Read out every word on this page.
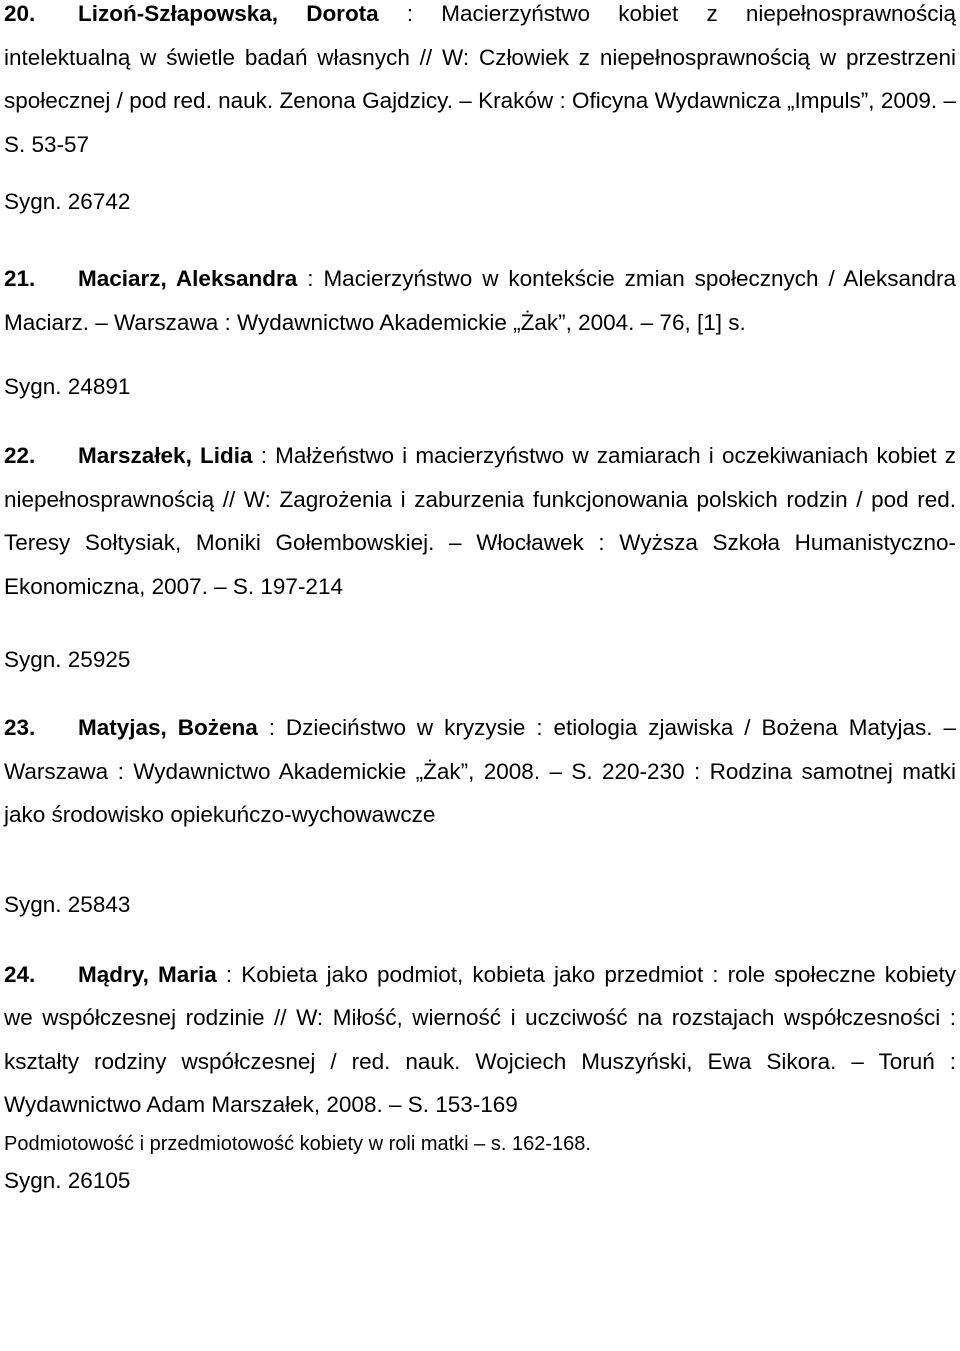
20. Lizoń-Szłapowska, Dorota : Macierzyństwo kobiet z niepełnosprawnością intelektualną w świetle badań własnych // W: Człowiek z niepełnosprawnością w przestrzeni społecznej / pod red. nauk. Zenona Gajdzicy. – Kraków : Oficyna Wydawnicza „Impuls”, 2009. – S. 53-57

Sygn. 26742

21. Maciarz, Aleksandra : Macierzyństwo w kontekście zmian społecznych / Aleksandra Maciarz. – Warszawa : Wydawnictwo Akademickie „Żak”, 2004. – 76, [1] s.

Sygn. 24891

22. Marszałek, Lidia : Małżeństwo i macierzyństwo w zamiarach i oczekiwaniach kobiet z niepełnosprawnością // W: Zagrożenia i zaburzenia funkcjonowania polskich rodzin / pod red. Teresy Sołtysiak, Moniki Gołembowskiej. – Włocławek : Wyższa Szkoła Humanistyczno-Ekonomiczna, 2007. – S. 197-214

Sygn. 25925

23. Matyjas, Bożena : Dzieciństwo w kryzysie : etiologia zjawiska / Bożena Matyjas. – Warszawa : Wydawnictwo Akademickie „Żak”, 2008. – S. 220-230 : Rodzina samotnej matki jako środowisko opiekuńczo-wychowawcze

Sygn. 25843

24. Mądry, Maria : Kobieta jako podmiot, kobieta jako przedmiot : role społeczne kobiety we współczesnej rodzinie // W: Miłość, wierność i uczciwość na rozstajach współczesności : kształty rodziny współczesnej / red. nauk. Wojciech Muszyński, Ewa Sikora. – Toruń : Wydawnictwo Adam Marszałek, 2008. – S. 153-169

Podmiotowość i przedmiotowość kobiety w roli matki – s. 162-168.

Sygn. 26105
